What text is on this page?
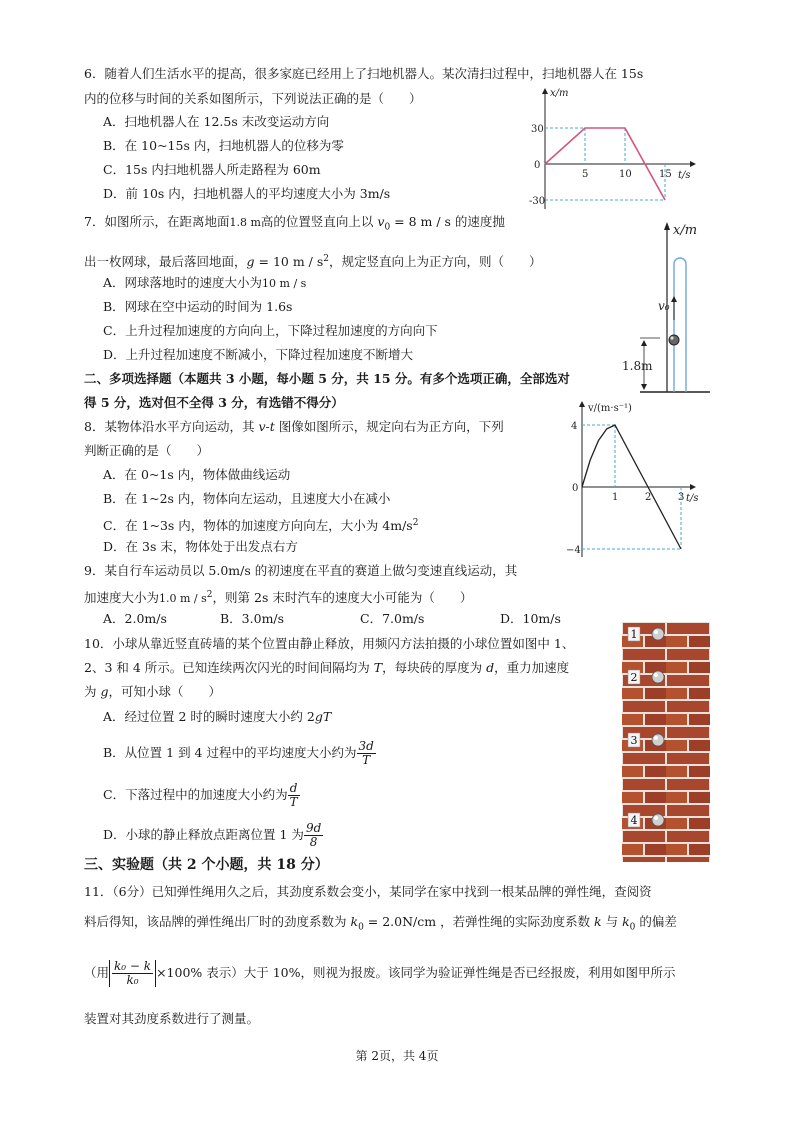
6．随着人们生活水平的提高，很多家庭已经用上了扫地机器人。某次清扫过程中，扫地机器人在 15s
内的位移与时间的关系如图所示，下列说法正确的是（　　）
A．扫地机器人在 12.5s 末改变运动方向
B．在 10~15s 内，扫地机器人的位移为零
C．15s 内扫地机器人所走路程为 60m
D．前 10s 内，扫地机器人的平均速度大小为 3m/s
x/m
t/s
0
5	10	15
30
-30
7．如图所示，在距离地面1.8 m高的位置竖直向上以 $v_0 = 8$ m / s 的速度抛
出一枚网球，最后落回地面，g = 10 m / $s^2$，规定竖直向上为正方向，则（　　）
A．网球落地时的速度大小为10 m / s
B．网球在空中运动的时间为 1.6s
C．上升过程加速度的方向向上，下降过程加速度的方向向下
D．上升过程加速度不断减小，下降过程加速度不断增大
x/m
v₀
1.8m
二、多项选择题（本题共 3 小题，每小题 5 分，共 15 分。有多个选项正确，全部选对
得 5 分，选对但不全得 3 分，有选错不得分）
8．某物体沿水平方向运动，其 v-t 图像如图所示，规定向右为正方向，下列
判断正确的是（　　）
A．在 0~1s 内，物体做曲线运动
B．在 1~2s 内，物体向左运动，且速度大小在减小
C．在 1~3s 内，物体的加速度方向向左，大小为 $4m/s^2$
D．在 3s 末，物体处于出发点右方
v/(m·s⁻¹)
t/s
0
1	2	3
4
−4
9．某自行车运动员以 5.0m/s 的初速度在平直的赛道上做匀变速直线运动，其
加速度大小为1.0 m / $s^2$，则第 2s 末时汽车的速度大小可能为（　　）
A．2.0m/s	B．3.0m/s	C．7.0m/s	D．10m/s
10．小球从靠近竖直砖墙的某个位置由静止释放，用频闪方法拍摄的小球位置如图中 1、
2、3 和 4 所示。已知连续两次闪光的时间间隔均为 T，每块砖的厚度为 d，重力加速度
为 g，可知小球（　　）
A．经过位置 2 时的瞬时速度大小约 2gT
B．从位置 1 到 4 过程中的平均速度大小约为 $\frac{3d}{T}$
C．下落过程中的加速度大小约为 $\frac{d}{T}$
D．小球的静止释放点距离位置 1 为 $\frac{9d}{8}$
1
2
3
4
三、实验题（共 2 个小题，共 18 分）
11．（6分）已知弹性绳用久之后，其劲度系数会变小，某同学在家中找到一根某品牌的弹性绳，查阅资
料后得知，该品牌的弹性绳出厂时的劲度系数为 $k_0 = 2.0N/cm$ ，若弹性绳的实际劲度系数 k 与 $k_0$ 的偏差
（用 $\frac{\text{k₀ − k}}{\text{k₀}} \times 100\%$ 表示）大于 10%，则视为报废。该同学为验证弹性绳是否已经报废，利用如图甲所示
装置对其劲度系数进行了测量。
第 2页，共 4页
